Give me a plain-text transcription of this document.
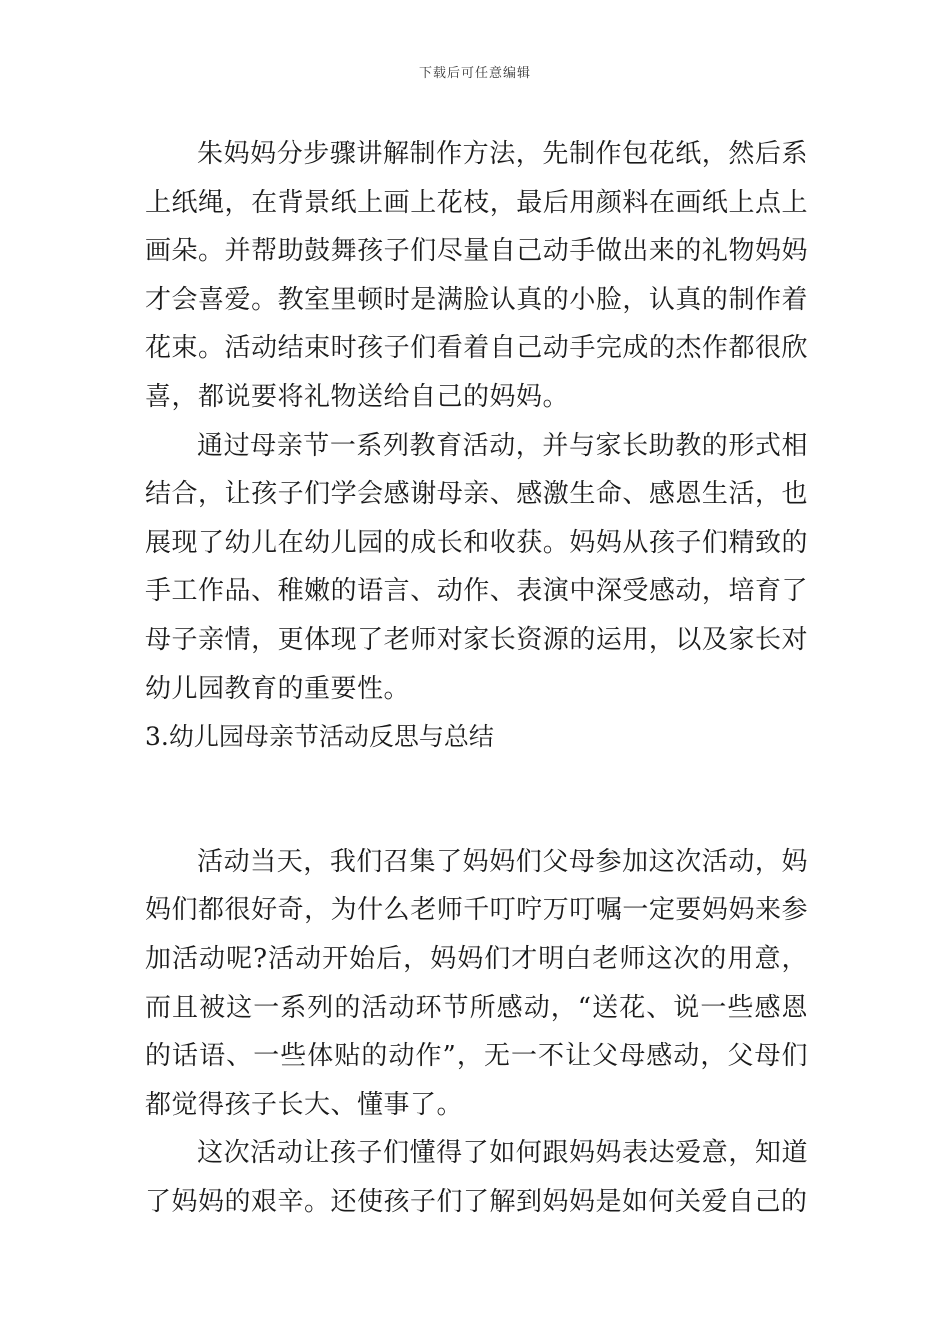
下载后可任意编辑

朱妈妈分步骤讲解制作方法，先制作包花纸，然后系上纸绳，在背景纸上画上花枝，最后用颜料在画纸上点上画朵。并帮助鼓舞孩子们尽量自己动手做出来的礼物妈妈才会喜爱。教室里顿时是满脸认真的小脸，认真的制作着花束。活动结束时孩子们看着自己动手完成的杰作都很欣喜，都说要将礼物送给自己的妈妈。

通过母亲节一系列教育活动，并与家长助教的形式相结合，让孩子们学会感谢母亲、感激生命、感恩生活，也展现了幼儿在幼儿园的成长和收获。妈妈从孩子们精致的手工作品、稚嫩的语言、动作、表演中深受感动，培育了母子亲情，更体现了老师对家长资源的运用，以及家长对幼儿园教育的重要性。

3.幼儿园母亲节活动反思与总结

活动当天，我们召集了妈妈们父母参加这次活动，妈妈们都很好奇，为什么老师千叮咛万叮嘱一定要妈妈来参加活动呢?活动开始后，妈妈们才明白老师这次的用意，而且被这一系列的活动环节所感动，“送花、说一些感恩的话语、一些体贴的动作”，无一不让父母感动，父母们都觉得孩子长大、懂事了。

这次活动让孩子们懂得了如何跟妈妈表达爱意，知道了妈妈的艰辛。还使孩子们了解到妈妈是如何关爱自己的
